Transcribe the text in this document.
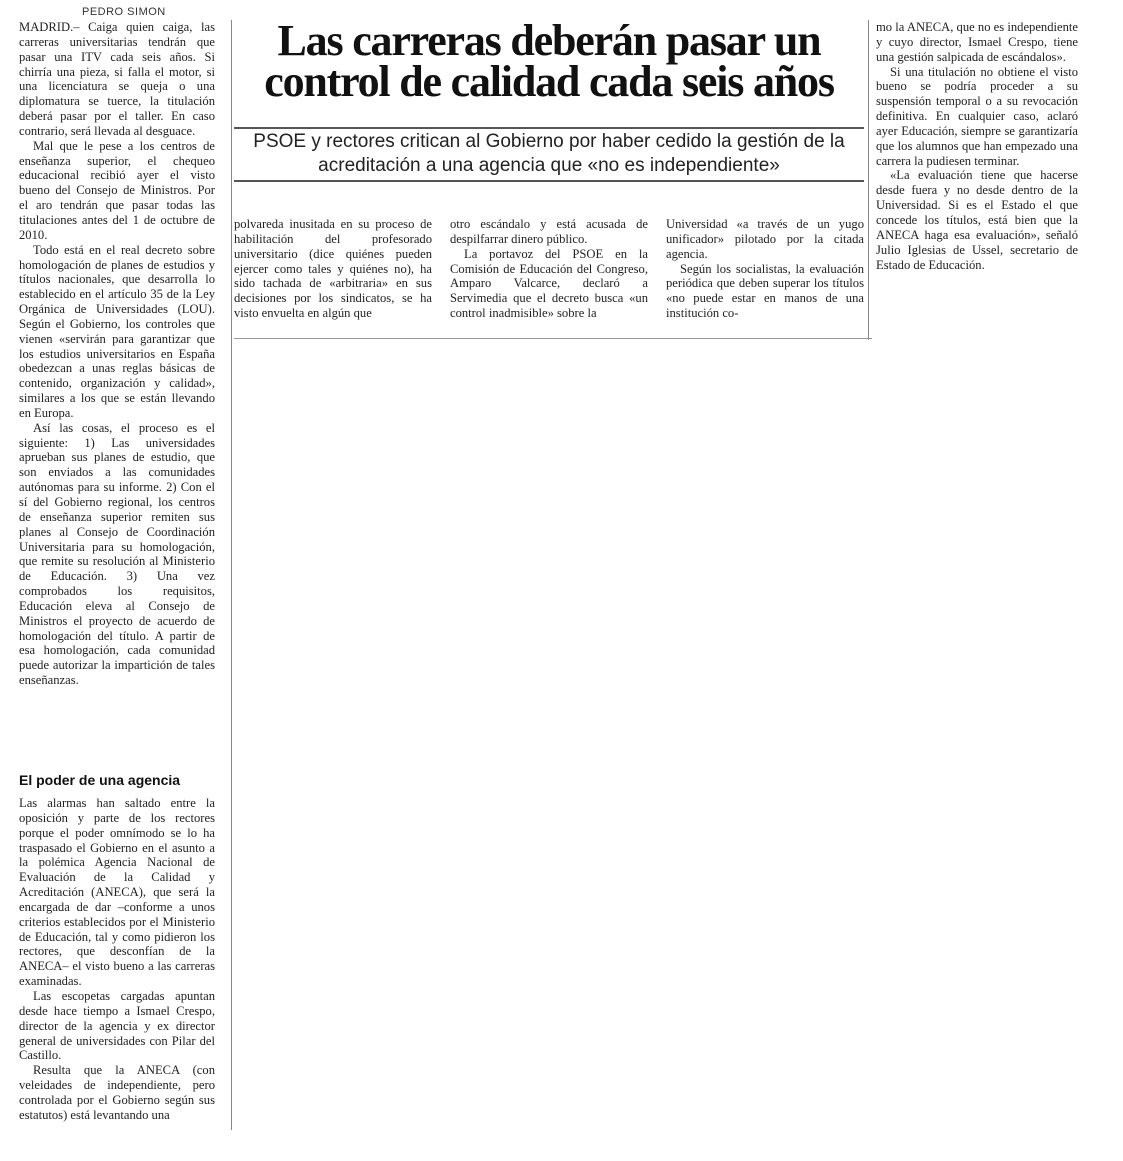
PEDRO SIMON

MADRID.– Caiga quien caiga, las carreras universitarias tendrán que pasar una ITV cada seis años. Si chirría una pieza, si falla el motor, si una licenciatura se queja o una diplomatura se tuerce, la titulación deberá pasar por el taller. En caso contrario, será llevada al desguace.

Mal que le pese a los centros de enseñanza superior, el chequeo educacional recibió ayer el visto bueno del Consejo de Ministros. Por el aro tendrán que pasar todas las titulaciones antes del 1 de octubre de 2010.

Todo está en el real decreto sobre homologación de planes de estudios y títulos nacionales, que desarrolla lo establecido en el artículo 35 de la Ley Orgánica de Universidades (LOU). Según el Gobierno, los controles que vienen «servirán para garantizar que los estudios universitarios en España obedezcan a unas reglas básicas de contenido, organización y calidad», similares a los que se están llevando en Europa.

Así las cosas, el proceso es el siguiente: 1) Las universidades aprueban sus planes de estudio, que son enviados a las comunidades autónomas para su informe. 2) Con el sí del Gobierno regional, los centros de enseñanza superior remiten sus planes al Consejo de Coordinación Universitaria para su homologación, que remite su resolución al Ministerio de Educación. 3) Una vez comprobados los requisitos, Educación eleva al Consejo de Ministros el proyecto de acuerdo de homologación del título. A partir de esa homologación, cada comunidad puede autorizar la impartición de tales enseñanzas.

El poder de una agencia

Las alarmas han saltado entre la oposición y parte de los rectores porque el poder omnímodo se lo ha traspasado el Gobierno en el asunto a la polémica Agencia Nacional de Evaluación de la Calidad y Acreditación (ANECA), que será la encargada de dar –conforme a unos criterios establecidos por el Ministerio de Educación, tal y como pidieron los rectores, que desconfían de la ANECA– el visto bueno a las carreras examinadas.

Las escopetas cargadas apuntan desde hace tiempo a Ismael Crespo, director de la agencia y ex director general de universidades con Pilar del Castillo.

Resulta que la ANECA (con veleidades de independiente, pero controlada por el Gobierno según sus estatutos) está levantando una

Las carreras deberán pasar un control de calidad cada seis años
PSOE y rectores critican al Gobierno por haber cedido la gestión de la acreditación a una agencia que «no es independiente»

polvareda inusitada en su proceso de habilitación del profesorado universitario (dice quiénes pueden ejercer como tales y quiénes no), ha sido tachada de «arbitraria» en sus decisiones por los sindicatos, se ha visto envuelta en algún que

otro escándalo y está acusada de despilfarrar dinero público.

La portavoz del PSOE en la Comisión de Educación del Congreso, Amparo Valcarce, declaró a Servimedia que el decreto busca «un control inadmisible» sobre la

Universidad «a través de un yugo unificador» pilotado por la citada agencia.

Según los socialistas, la evaluación periódica que deben superar los títulos «no puede estar en manos de una institución co-

mo la ANECA, que no es independiente y cuyo director, Ismael Crespo, tiene una gestión salpicada de escándalos».

Si una titulación no obtiene el visto bueno se podría proceder a su suspensión temporal o a su revocación definitiva. En cualquier caso, aclaró ayer Educación, siempre se garantizaría que los alumnos que han empezado una carrera la pudiesen terminar.

«La evaluación tiene que hacerse desde fuera y no desde dentro de la Universidad. Si es el Estado el que concede los títulos, está bien que la ANECA haga esa evaluación», señaló Julio Iglesias de Ussel, secretario de Estado de Educación.
